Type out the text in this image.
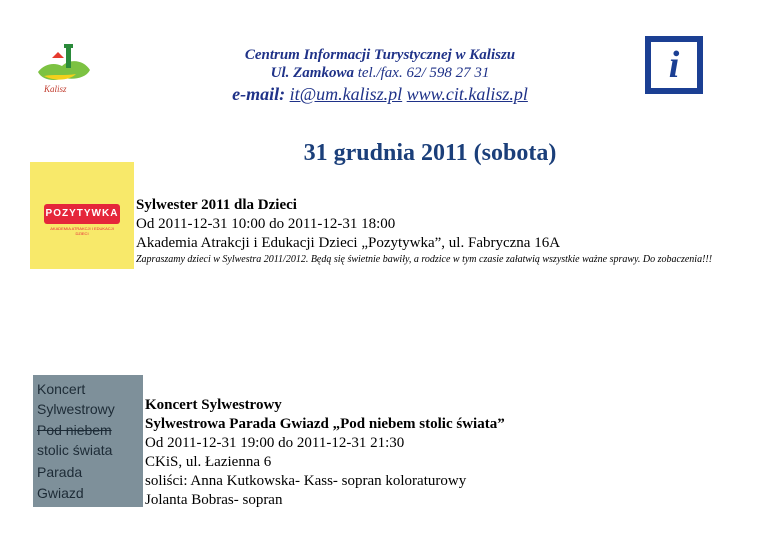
Kalisz
Centrum Informacji Turystycznej w Kaliszu
Ul. Zamkowa tel./fax. 62/ 598 27 31
e-mail: it@um.kalisz.pl www.cit.kalisz.pl
i
31 grudnia 2011 (sobota)
POZYTYWKA
AKADEMIA ATRAKCJI I EDUKACJI DZIECI
Sylwester 2011 dla Dzieci
Od 2011-12-31 10:00 do 2011-12-31 18:00
Akademia Atrakcji i Edukacji Dzieci „Pozytywka”, ul. Fabryczna 16A
Zapraszamy dzieci w Sylwestra 2011/2012. Będą się świetnie bawiły, a rodzice w tym czasie załatwią wszystkie ważne sprawy. Do zobaczenia!!!
Koncert
Sylwestrowy
Pod niebem
stolic świata
Parada
Gwiazd
Koncert Sylwestrowy
Sylwestrowa Parada Gwiazd „Pod niebem stolic świata”
Od 2011-12-31 19:00 do 2011-12-31 21:30
CKiS, ul. Łazienna 6
soliści: Anna Kutkowska- Kass- sopran koloraturowy
Jolanta Bobras- sopran
